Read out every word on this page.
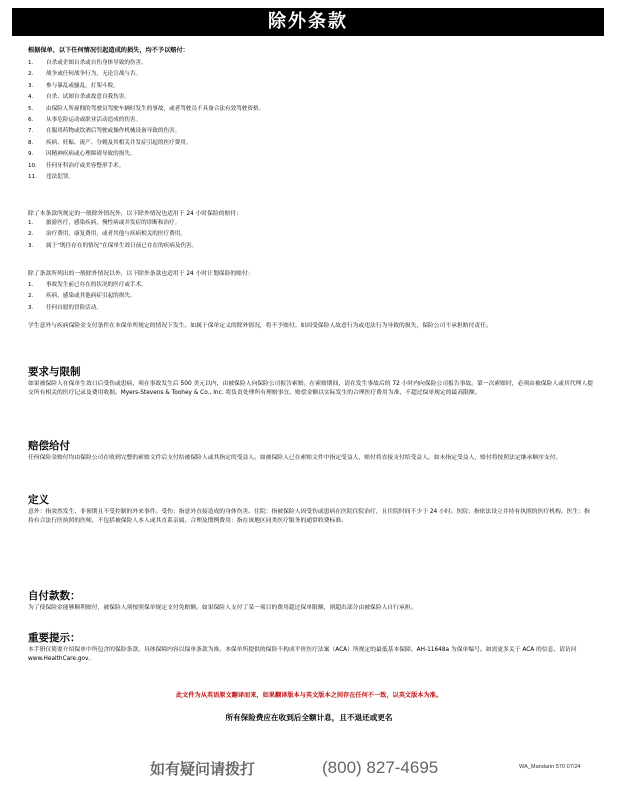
除外条款
根据保单，以下任何情况引起造成的损失，均不予以赔付：
1.	自杀或企图自杀或自伤身体导致的伤害。
2.	战争或任何战争行为，无论宣战与否。
3.	参与暴乱或骚乱，打架斗殴。
4.	自杀、试图自杀或故意自我伤害。
5.	由保险人所雇佣的驾驶员驾驶车辆时发生的事故，或者驾驶员不具备合法有效驾驶资格。
6.	从事危险运动或职业活动造成的伤害。
7.	在服用药物或饮酒后驾驶或操作机械设备导致的伤害。
8.	疾病、妊娠、流产、分娩及其相关并发症引起的医疗费用。
9.	因精神疾病或心理障碍导致的损失。
10.	任何牙科治疗或美容整形手术。
11.	违法犯罪。
除了本条款所规定的一般除外情况外，以下除外情况也适用于 24 小时保险的赔付：
1.	旅游医疗，感染疾病，慢性病或并发症的诊断和治疗。
2.	治疗费用，康复费用，或者其他与疾病相关的医疗费用。
3.	属于“既往存在的情况”在保单生效日前已存在的疾病及伤害。
除了条款所列出的一般除外情况以外，以下除外条款也适用于 24 小时计划保险的赔付：
1.	事故发生前已存在的状况的医疗或手术。
2.	疾病，感染或其他病症引起的损失。
3.	任何自愿的冒险活动。
学生意外与疾病保险金支付条件在本保单所规定的情况下发生。如属于保单定义的除外情况，将不予赔付。如因受保险人故意行为或违法行为导致的损失，保险公司不承担赔付责任。
要求与限制
如果被保险人在保单生效日后受伤或患病，须在事故发生后 500 美元以内，由被保险人向保险公司报告索赔。在索赔期间，请在发生事故后的 72 小时内向保险公司报告事故。第一次索赔时，必须由被保险人或其代理人提交所有相关的医疗记录及费用收据。Myers-Stevens & Toohey & Co., Inc. 将负责处理所有理赔事宜。赔偿金额以实际发生的合理医疗费用为准，不超过保单规定的最高限额。
赔偿给付
任何保险金赔付均由保险公司在收到完整的索赔文件后支付给被保险人或其指定的受益人。如被保险人已在索赔文件中指定受益人，赔付将直接支付给受益人。如未指定受益人，赔付将按照法定继承顺序支付。
定义
意外：指突然发生、非预期且不受控制的外来事件。受伤：指意外直接造成的身体伤害。住院：指被保险人因受伤或患病在医院住院治疗，且住院时间不少于 24 小时。医院：指依法设立并持有执照的医疗机构。医生：指持有合法行医执照的医师，不包括被保险人本人或其直系亲属。合理及惯例费用：指在该地区同类医疗服务的通常收费标准。
自付款数：
为了使保险金能够顺利赔付，被保险人须按照保单规定支付免赔额。如果保险人支付了某一项目的费用超过保单限额，则超出部分由被保险人自行承担。
重要提示：
本手册仅简要介绍保单中所包含的保险条款，具体保障内容以保单条款为准。本保单所提供的保险不构成平价医疗法案（ACA）所规定的最低基本保障。AH-11648a 为保单编号。如需更多关于 ACA 的信息，请访问 www.HealthCare.gov。
此文件为从英语原文翻译而来，如果翻译版本与英文版本之间存在任何不一致，以英文版本为准。
所有保险费应在收到后全额计息，且不退还或更名
如有疑问请拨打	(800) 827-4695	WA_Mandarin 570 07/24
